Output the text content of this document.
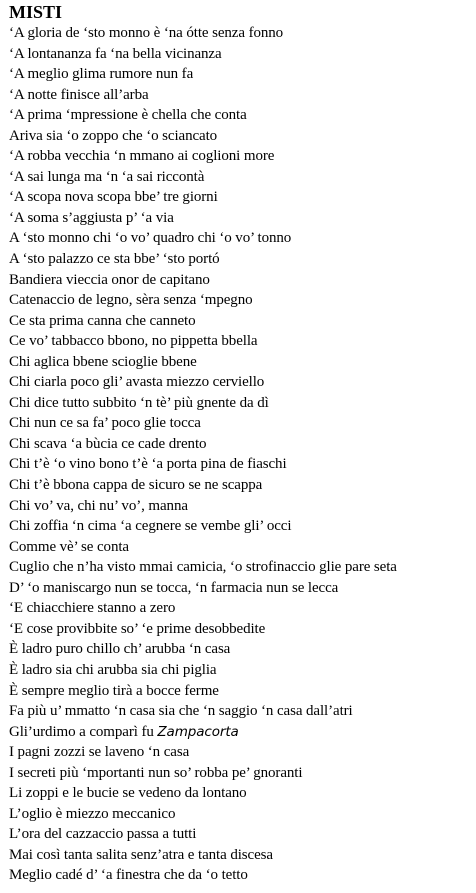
MISTI
‘A gloria de ‘sto monno è ‘na ótte senza fonno
‘A lontananza fa ‘na bella vicinanza
‘A meglio glima rumore nun fa
‘A notte finisce all’arba
‘A prima ‘mpressione è chella che conta
Ariva sia ‘o zoppo che ‘o sciancato
‘A robba vecchia ‘n mmano ai coglioni more
‘A sai lunga ma ‘n ‘a sai riccontà
‘A scopa nova scopa bbe’ tre giorni
‘A soma s’aggiusta p’ ‘a via
A ‘sto monno chi ‘o vo’ quadro chi ‘o vo’ tonno
A ‘sto palazzo ce sta bbe’ ‘sto portó
Bandiera vieccia onor de capitano
Catenaccio de legno, sèra senza ‘mpegno
Ce sta prima canna che canneto
Ce vo’ tabbacco bbono, no pippetta bbella
Chi aglica bbene scioglie bbene
Chi ciarla poco gli’ avasta miezzo cerviello
Chi dice tutto subbito ‘n tè’ più gnente da dì
Chi nun ce sa fa’ poco glie tocca
Chi scava ‘a bùcia ce cade drento
Chi t’è ‘o vino bono t’è ‘a porta pina de fiaschi
Chi t’è bbona cappa de sicuro se ne scappa
Chi vo’ va, chi nu’ vo’, manna
Chi zoffia ‘n cima ‘a cegnere se vembe gli’ occi
Comme vè’ se conta
Cuglio che n’ha visto mmai camicia, ‘o strofinaccio glie pare seta
D’ ‘o maniscargo nun se tocca, ‘n farmacia nun se lecca
‘E chiacchiere stanno a zero
‘E cose provibbite so’ ‘e prime desobbedite
È ladro puro chillo ch’ arubba ‘n casa
È ladro sia chi arubba sia chi piglia
È sempre meglio tirà a bocce ferme
Fa più u’ mmatto ‘n casa sia che ‘n saggio ‘n casa dall’atri
Gli’urdimo a comparì fu Zampacorta
I pagni zozzi se laveno ‘n casa
I secreti più ‘mportanti nun so’ robba pe’ gnoranti
Li zoppi e le bucie se vedeno da lontano
L’oglio è miezzo meccanico
L’ora del cazzaccio passa a tutti
Mai così tanta salita senz’atra e tanta discesa
Meglio cadé d’ ‘a finestra che da ‘o tetto
